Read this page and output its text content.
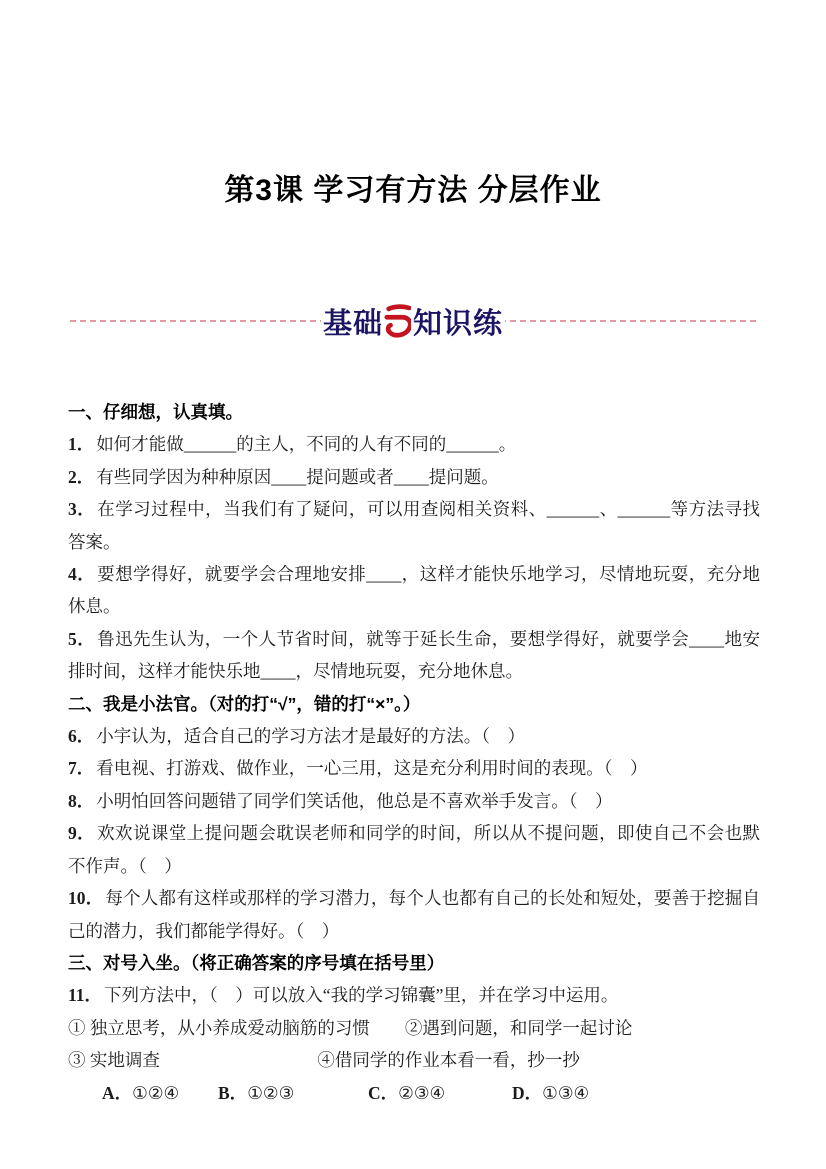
第3课 学习有方法 分层作业
基础 知识练

一、仔细想，认真填。

1． 如何才能做______的主人，不同的人有不同的______。

2． 有些同学因为种种原因____提问题或者____提问题。

3． 在学习过程中，当我们有了疑问，可以用查阅相关资料、______、______等方法寻找答案。

4． 要想学得好，就要学会合理地安排____，这样才能快乐地学习，尽情地玩耍，充分地休息。

5． 鲁迅先生认为，一个人节省时间，就等于延长生命，要想学得好，就要学会____地安排时间，这样才能快乐地____，尽情地玩耍，充分地休息。

二、我是小法官。（对的打“√”，错的打“×”。）

6． 小宇认为，适合自己的学习方法才是最好的方法。（　）

7． 看电视、打游戏、做作业，一心三用，这是充分利用时间的表现。（　）

8． 小明怕回答问题错了同学们笑话他，他总是不喜欢举手发言。（　）

9． 欢欢说课堂上提问题会耽误老师和同学的时间，所以从不提问题，即使自己不会也默不作声。（　）

10． 每个人都有这样或那样的学习潜力，每个人也都有自己的长处和短处，要善于挖掘自己的潜力，我们都能学得好。（　）

三、对号入坐。（将正确答案的序号填在括号里）

11． 下列方法中，（　）可以放入“我的学习锦囊”里，并在学习中运用。

① 独立思考，从小养成爱动脑筋的习惯　　②遇到问题，和同学一起讨论

③ 实地调查　　　　　　　　　④借同学的作业本看一看，抄一抄

A．①②④	B．①②③	C．②③④	D．①③④
